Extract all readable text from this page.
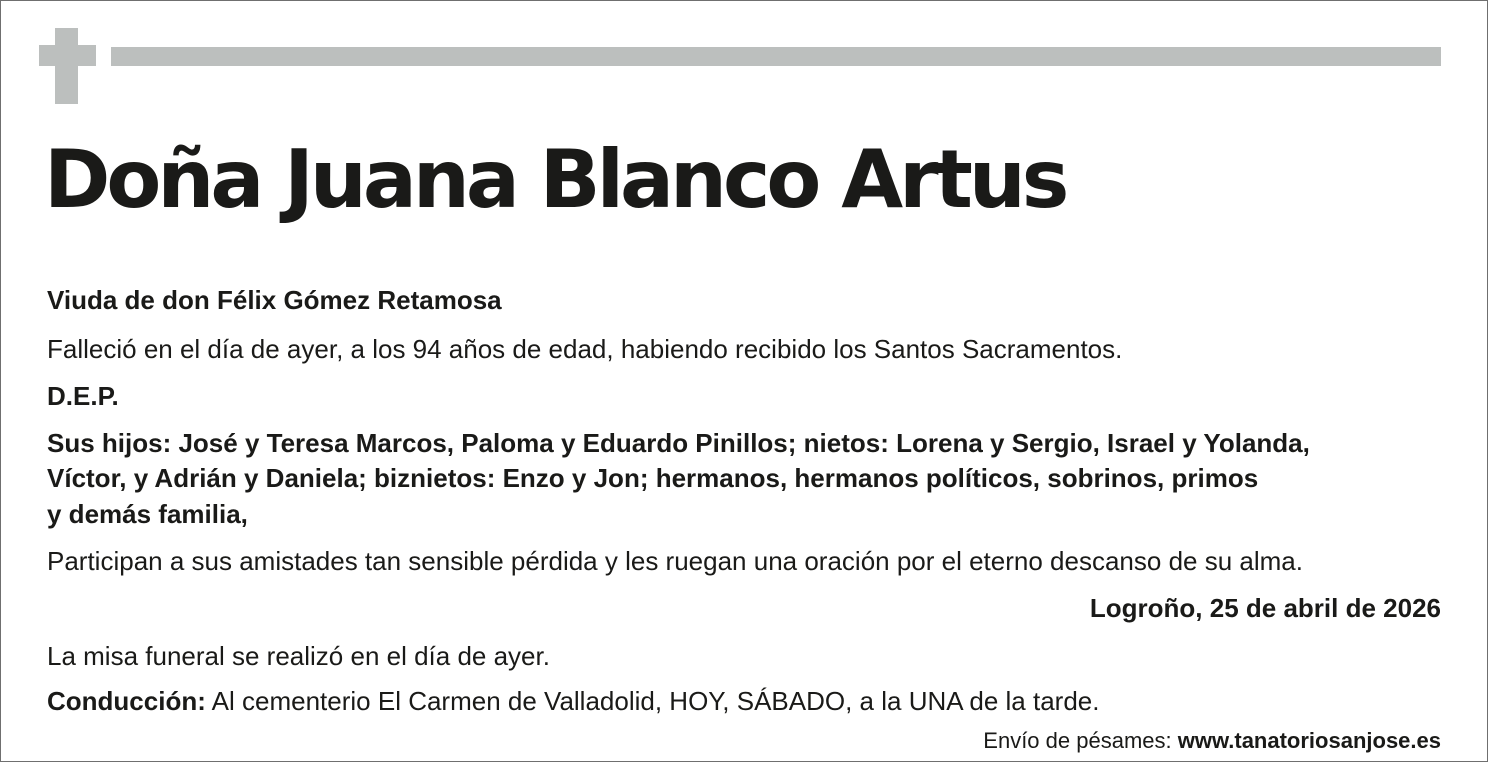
Doña Juana Blanco Artus
Viuda de don Félix Gómez Retamosa
Falleció en el día de ayer, a los 94 años de edad, habiendo recibido los Santos Sacramentos.
D.E.P.
Sus hijos: José y Teresa Marcos, Paloma y Eduardo Pinillos; nietos: Lorena y Sergio, Israel y Yolanda,
Víctor, y Adrián y Daniela; biznietos: Enzo y Jon; hermanos, hermanos políticos, sobrinos, primos
y demás familia,
Participan a sus amistades tan sensible pérdida y les ruegan una oración por el eterno descanso de su alma.
Logroño, 25 de abril de 2026
La misa funeral se realizó en el día de ayer.
Conducción: Al cementerio El Carmen de Valladolid, HOY, SÁBADO, a la UNA de la tarde.
Envío de pésames: www.tanatoriosanjose.es
